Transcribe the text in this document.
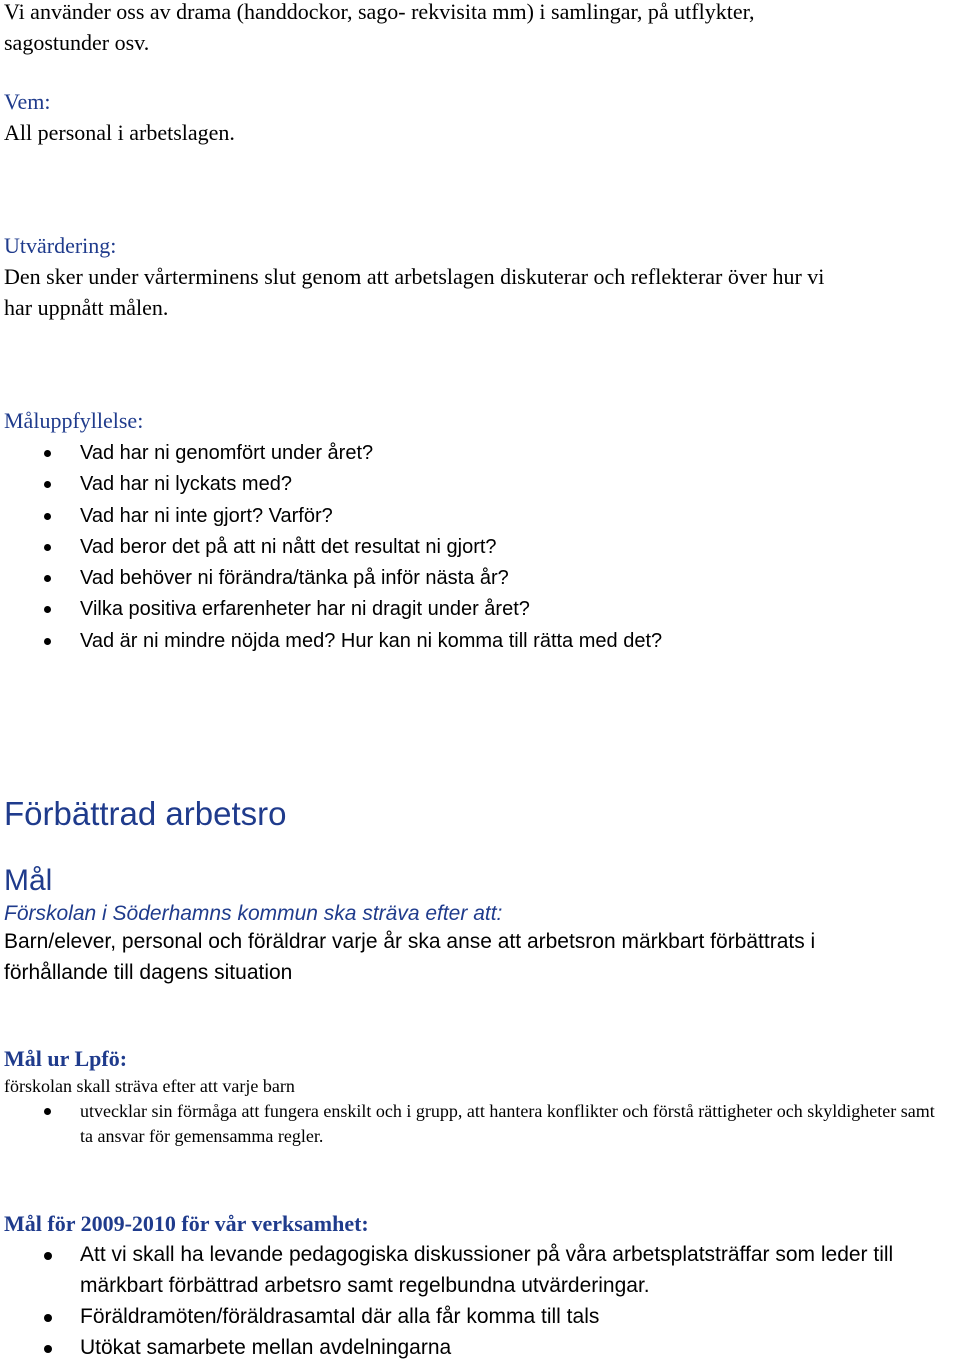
Vi använder oss av drama (handdockor, sago- rekvisita mm) i samlingar, på utflykter,
sagostunder osv.
Vem:
All personal i arbetslagen.
Utvärdering:
Den sker under vårterminens slut genom att arbetslagen diskuterar och reflekterar över hur vi
har uppnått målen.
Måluppfyllelse:
Vad har ni genomfört under året?
Vad har ni lyckats med?
Vad har ni inte gjort? Varför?
Vad beror det på att ni nått det resultat ni gjort?
Vad behöver ni förändra/tänka på inför nästa år?
Vilka positiva erfarenheter har ni dragit under året?
Vad är ni mindre nöjda med? Hur kan ni komma till rätta med det?
Förbättrad arbetsro
Mål
Förskolan i Söderhamns kommun ska sträva efter att:
Barn/elever, personal och föräldrar varje år ska anse att arbetsron märkbart förbättrats i
förhållande till dagens situation
Mål ur Lpfö:
förskolan skall sträva efter att varje barn
utvecklar sin förmåga att fungera enskilt och i grupp, att hantera konflikter och förstå rättigheter och skyldigheter samt ta ansvar för gemensamma regler.
Mål för 2009-2010 för vår verksamhet:
Att vi skall ha levande pedagogiska diskussioner på våra arbetsplatsträffar som leder till märkbart förbättrad arbetsro samt regelbundna utvärderingar.
Föräldramöten/föräldrasamtal där alla får komma till tals
Utökat samarbete mellan avdelningarna
